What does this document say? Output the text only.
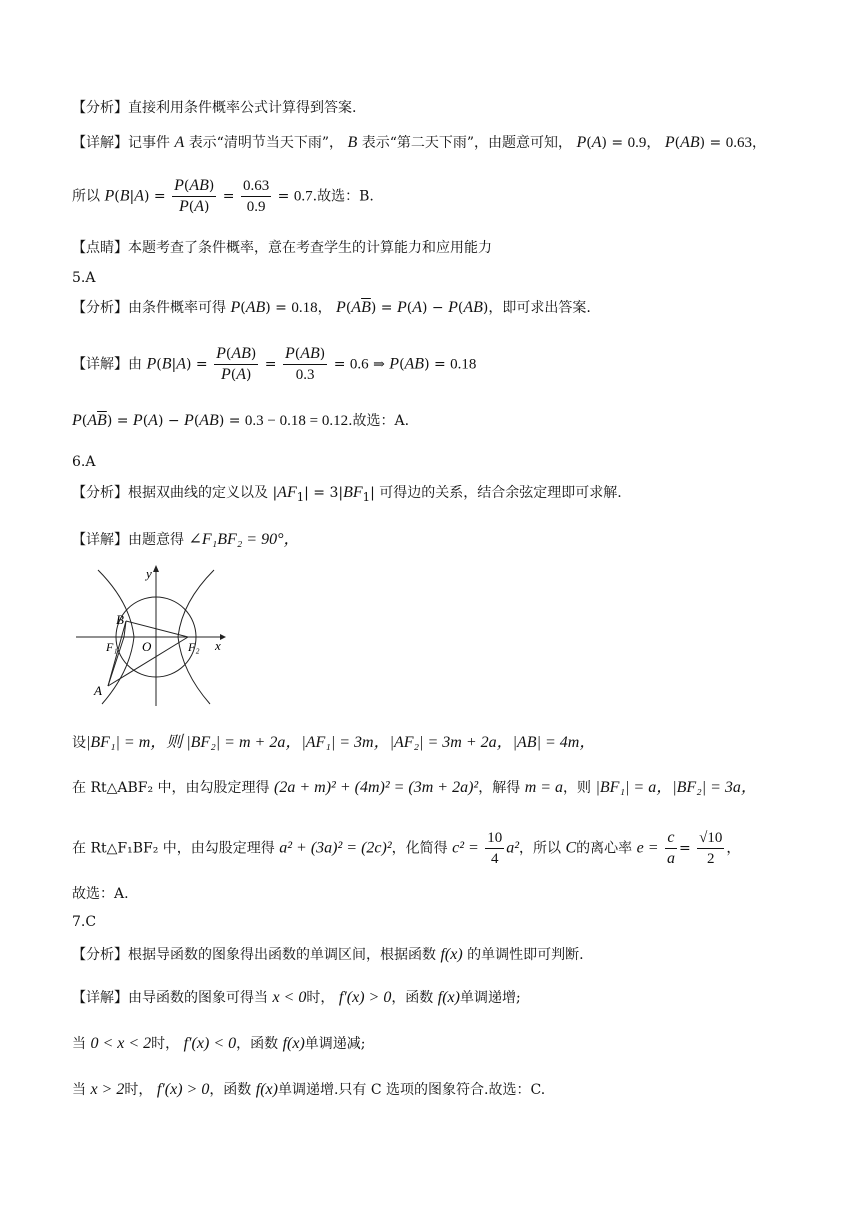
【分析】直接利用条件概率公式计算得到答案.
【详解】记事件 A 表示“清明节当天下雨”， B 表示“第二天下雨”，由题意可知， P(A) = 0.9， P(AB) = 0.63，
所以 $P(B|A) = \frac{P(AB)}{P(A)} = \frac{0.63}{0.9} = 0.7$.故选：B.
【点睛】本题考查了条件概率，意在考查学生的计算能力和应用能力
5.A
【分析】由条件概率可得 P(AB) = 0.18， $P(A\overline{B}) = P(A) - P(AB)$，即可求出答案.
【详解】由 $P(B|A) = \frac{P(AB)}{P(A)} = \frac{P(AB)}{0.3} = 0.6$ ⇒ P(AB) = 0.18
$P(A\overline{B}) = P(A) - P(AB) = 0.3 - 0.18 = 0.12$.故选：A.
6.A
【分析】根据双曲线的定义以及 $|AF_1| = 3|BF_1|$ 可得边的关系，结合余弦定理即可求解.
【详解】由题意得 ∠F₁BF₂ = 90°，
y
x
B
O
F₁	F₂
A
设|BF₁| = m，则 |BF₂| = m + 2a，|AF₁| = 3m，|AF₂| = 3m + 2a，|AB| = 4m，
在 Rt△ABF₂ 中，由勾股定理得 (2a + m)² + (4m)² = (3m + 2a)²，解得 m = a，则 |BF₁| = a，|BF₂| = 3a，
在 Rt△F₁BF₂ 中，由勾股定理得 a² + (3a)² = (2c)²，化简得 $c^2 = \frac{10}{4} a^2$，所以 C的离心率 $e = \frac{c}{a} = \frac{√10}{2}$ ，
故选：A.
7.C
【分析】根据导函数的图象得出函数的单调区间，根据函数 f(x) 的单调性即可判断.
【详解】由导函数的图象可得当 x < 0时， f′(x) > 0，函数 f(x)单调递增;
当 0 < x < 2时， f′(x) < 0，函数 f(x)单调递减;
当 x > 2时， f′(x) > 0，函数 f(x)单调递增.只有 C 选项的图象符合.故选：C.
